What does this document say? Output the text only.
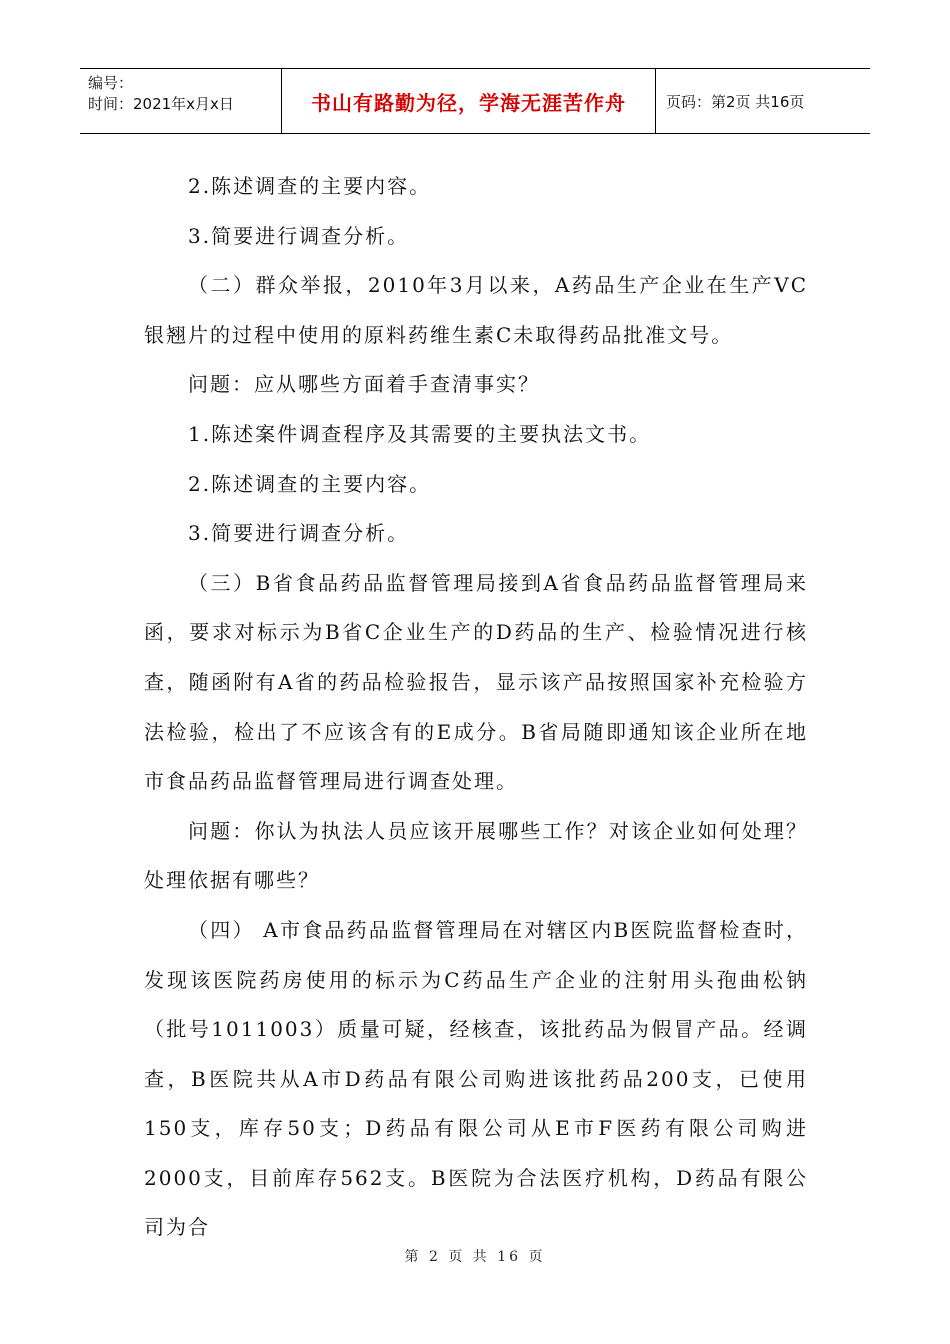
编号：
时间：2021年x月x日	书山有路勤为径，学海无涯苦作舟	页码：第2页 共16页

2.陈述调查的主要内容。

3.简要进行调查分析。

（二）群众举报，2010年3月以来，A药品生产企业在生产VC银翘片的过程中使用的原料药维生素C未取得药品批准文号。

问题：应从哪些方面着手查清事实？

1.陈述案件调查程序及其需要的主要执法文书。

2.陈述调查的主要内容。

3.简要进行调查分析。

（三）B省食品药品监督管理局接到A省食品药品监督管理局来函，要求对标示为B省C企业生产的D药品的生产、检验情况进行核查，随函附有A省的药品检验报告，显示该产品按照国家补充检验方法检验，检出了不应该含有的E成分。B省局随即通知该企业所在地市食品药品监督管理局进行调查处理。

问题：你认为执法人员应该开展哪些工作？对该企业如何处理？处理依据有哪些？

（四） A市食品药品监督管理局在对辖区内B医院监督检查时，发现该医院药房使用的标示为C药品生产企业的注射用头孢曲松钠（批号1011003）质量可疑，经核查，该批药品为假冒产品。经调查，B医院共从A市D药品有限公司购进该批药品200支，已使用150支，库存50支；D药品有限公司从E市F医药有限公司购进2000支，目前库存562支。B医院为合法医疗机构，D药品有限公司为合

第 2 页 共 16 页
